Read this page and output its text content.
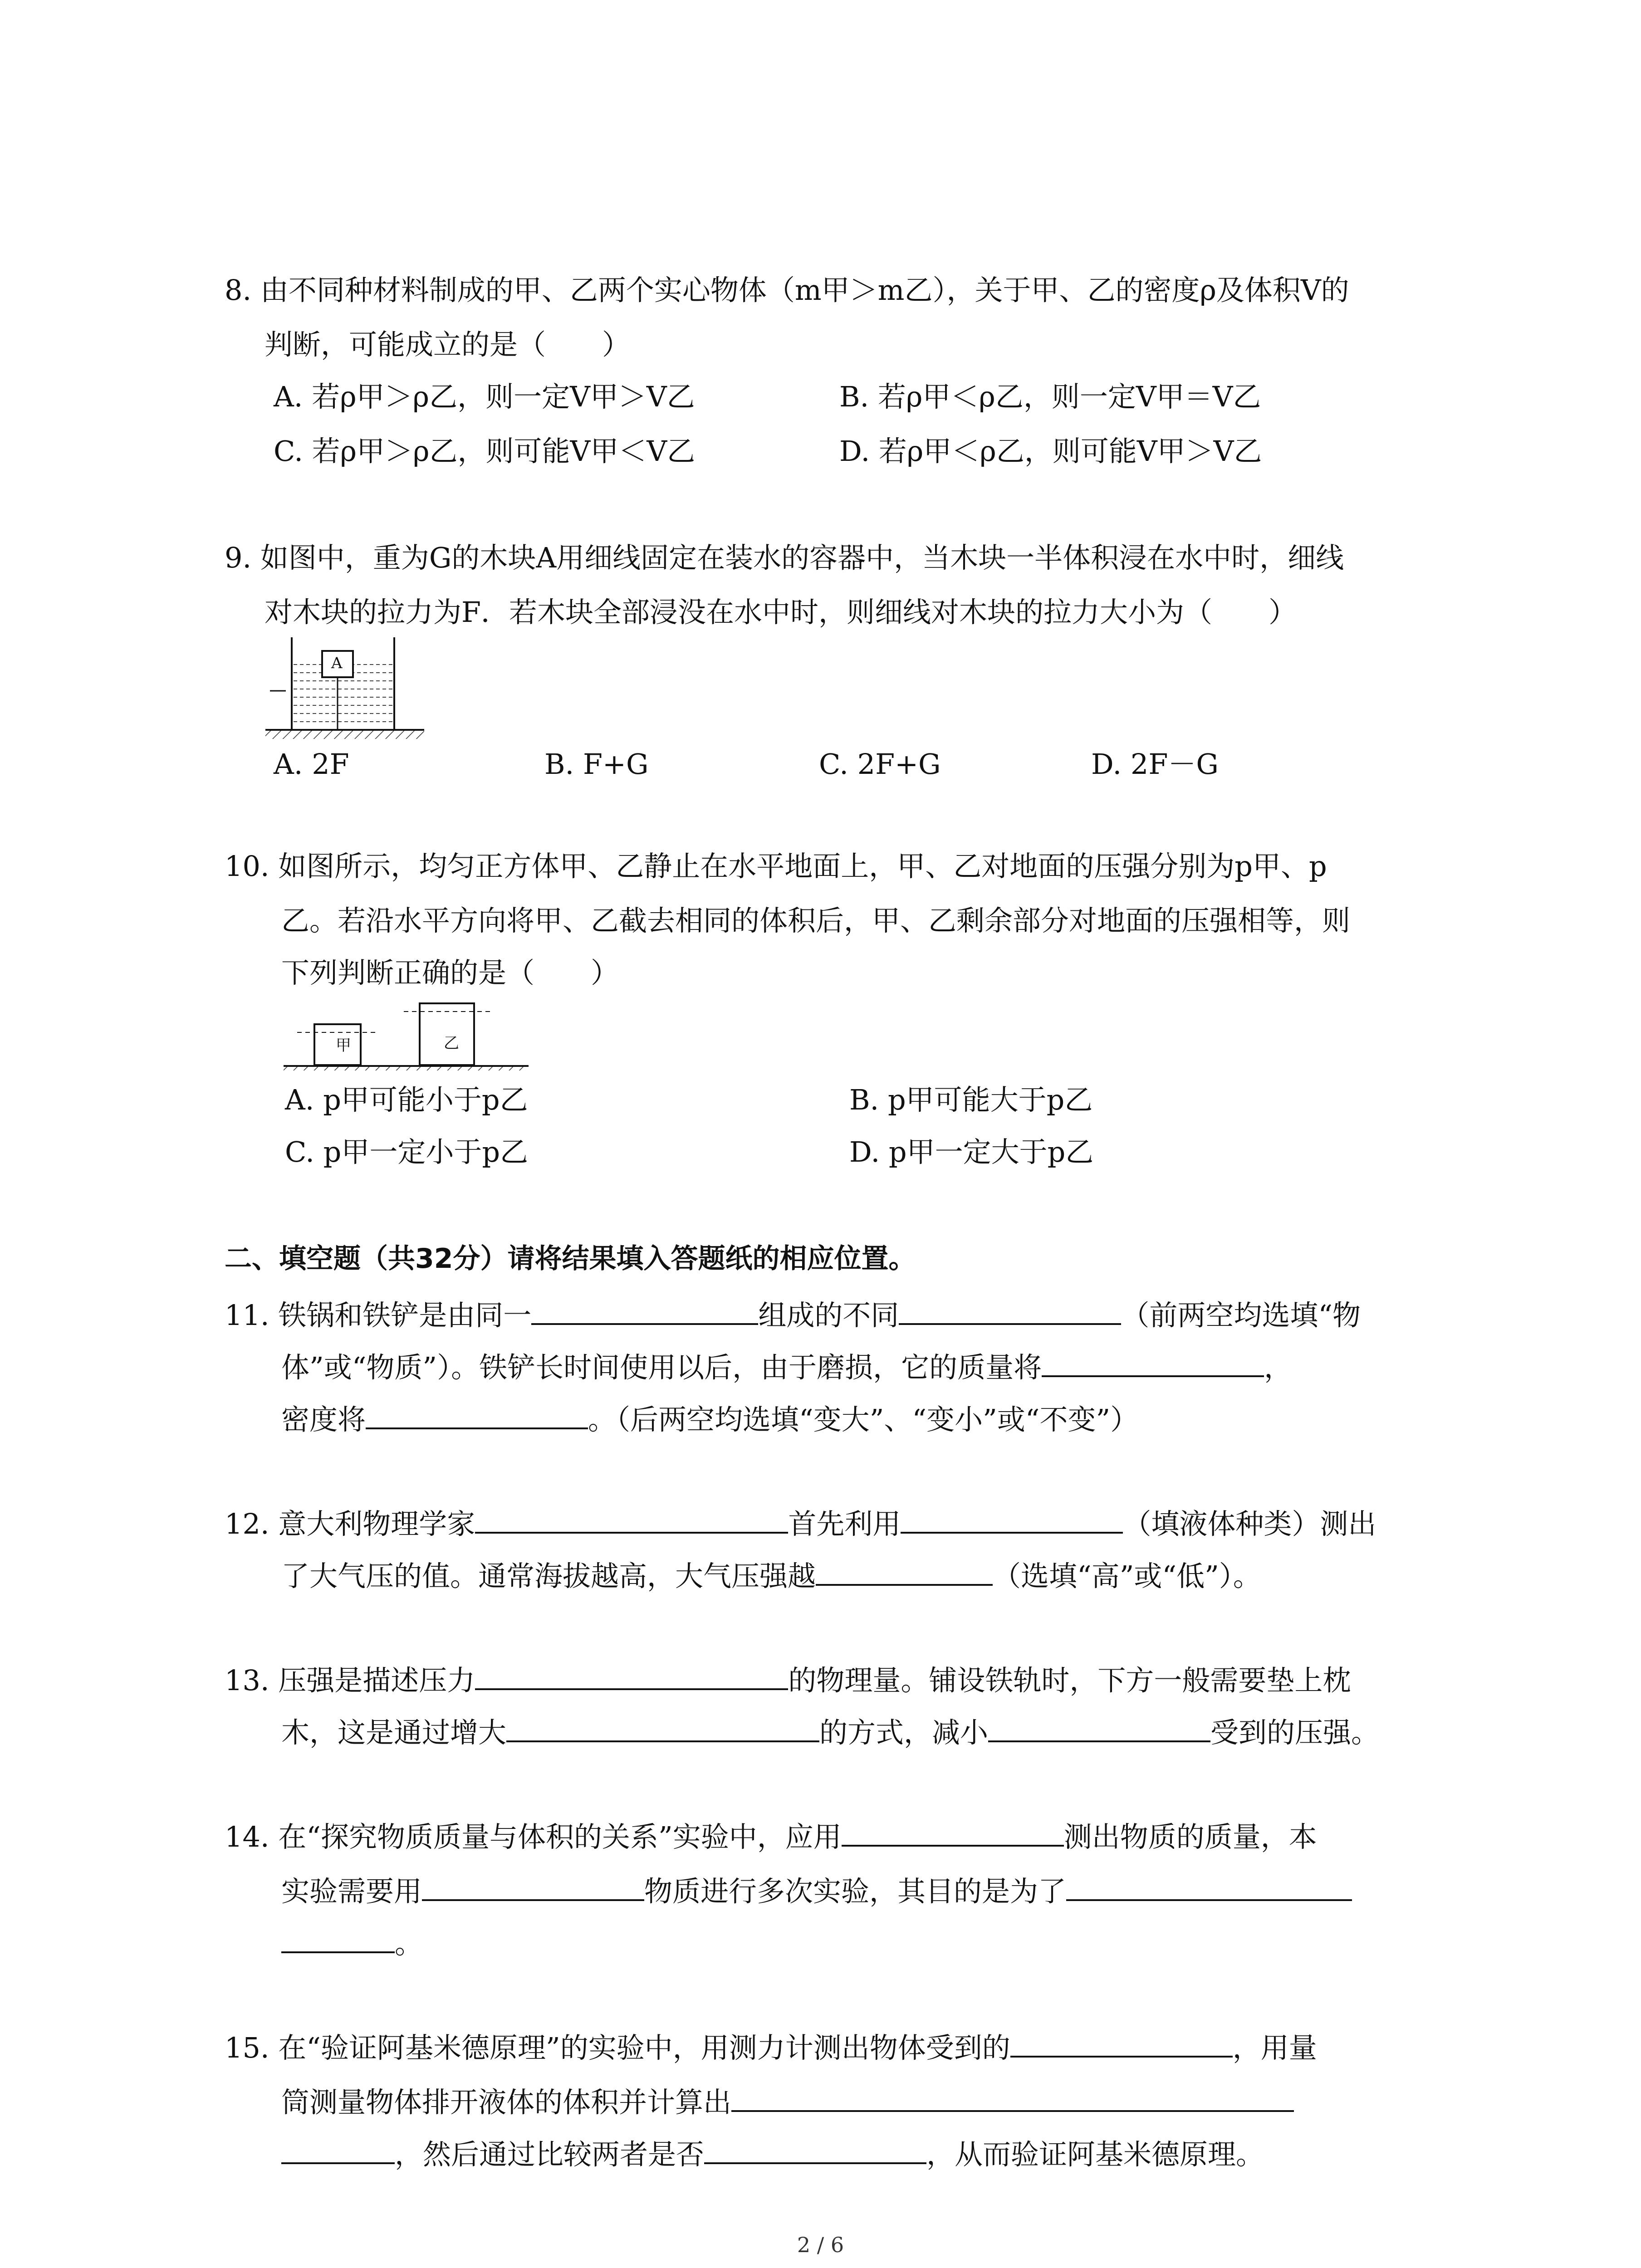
8. 由不同种材料制成的甲、乙两个实心物体（m甲＞m乙），关于甲、乙的密度ρ及体积V的
判断，可能成立的是（　　）
A. 若ρ甲＞ρ乙，则一定V甲＞V乙	B. 若ρ甲＜ρ乙，则一定V甲＝V乙
C. 若ρ甲＞ρ乙，则可能V甲＜V乙	D. 若ρ甲＜ρ乙，则可能V甲＞V乙
9. 如图中，重为G的木块A用细线固定在装水的容器中，当木块一半体积浸在水中时，细线
对木块的拉力为F．若木块全部浸没在水中时，则细线对木块的拉力大小为（　　）
A
A. 2F	B. F+G	C. 2F+G	D. 2F－G
10. 如图所示，均匀正方体甲、乙静止在水平地面上，甲、乙对地面的压强分别为p甲、p
乙。若沿水平方向将甲、乙截去相同的体积后，甲、乙剩余部分对地面的压强相等，则
下列判断正确的是（　　）
甲	乙
A. p甲可能小于p乙	B. p甲可能大于p乙
C. p甲一定小于p乙	D. p甲一定大于p乙
二、填空题（共32分）请将结果填入答题纸的相应位置。
11. 铁锅和铁铲是由同一	组成的不同	（前两空均选填“物
体”或“物质”）。铁铲长时间使用以后，由于磨损，它的质量将	，
密度将	。（后两空均选填“变大”、“变小”或“不变”）
12. 意大利物理学家	首先利用	（填液体种类）测出
了大气压的值。通常海拔越高，大气压强越	（选填“高”或“低”）。
13. 压强是描述压力	的物理量。铺设铁轨时，下方一般需要垫上枕
木，这是通过增大	的方式，减小	受到的压强。
14. 在“探究物质质量与体积的关系”实验中，应用	测出物质的质量，本
实验需要用	物质进行多次实验，其目的是为了
。
15. 在“验证阿基米德原理”的实验中，用测力计测出物体受到的	，用量
筒测量物体排开液体的体积并计算出
，然后通过比较两者是否	，从而验证阿基米德原理。
2 / 6
